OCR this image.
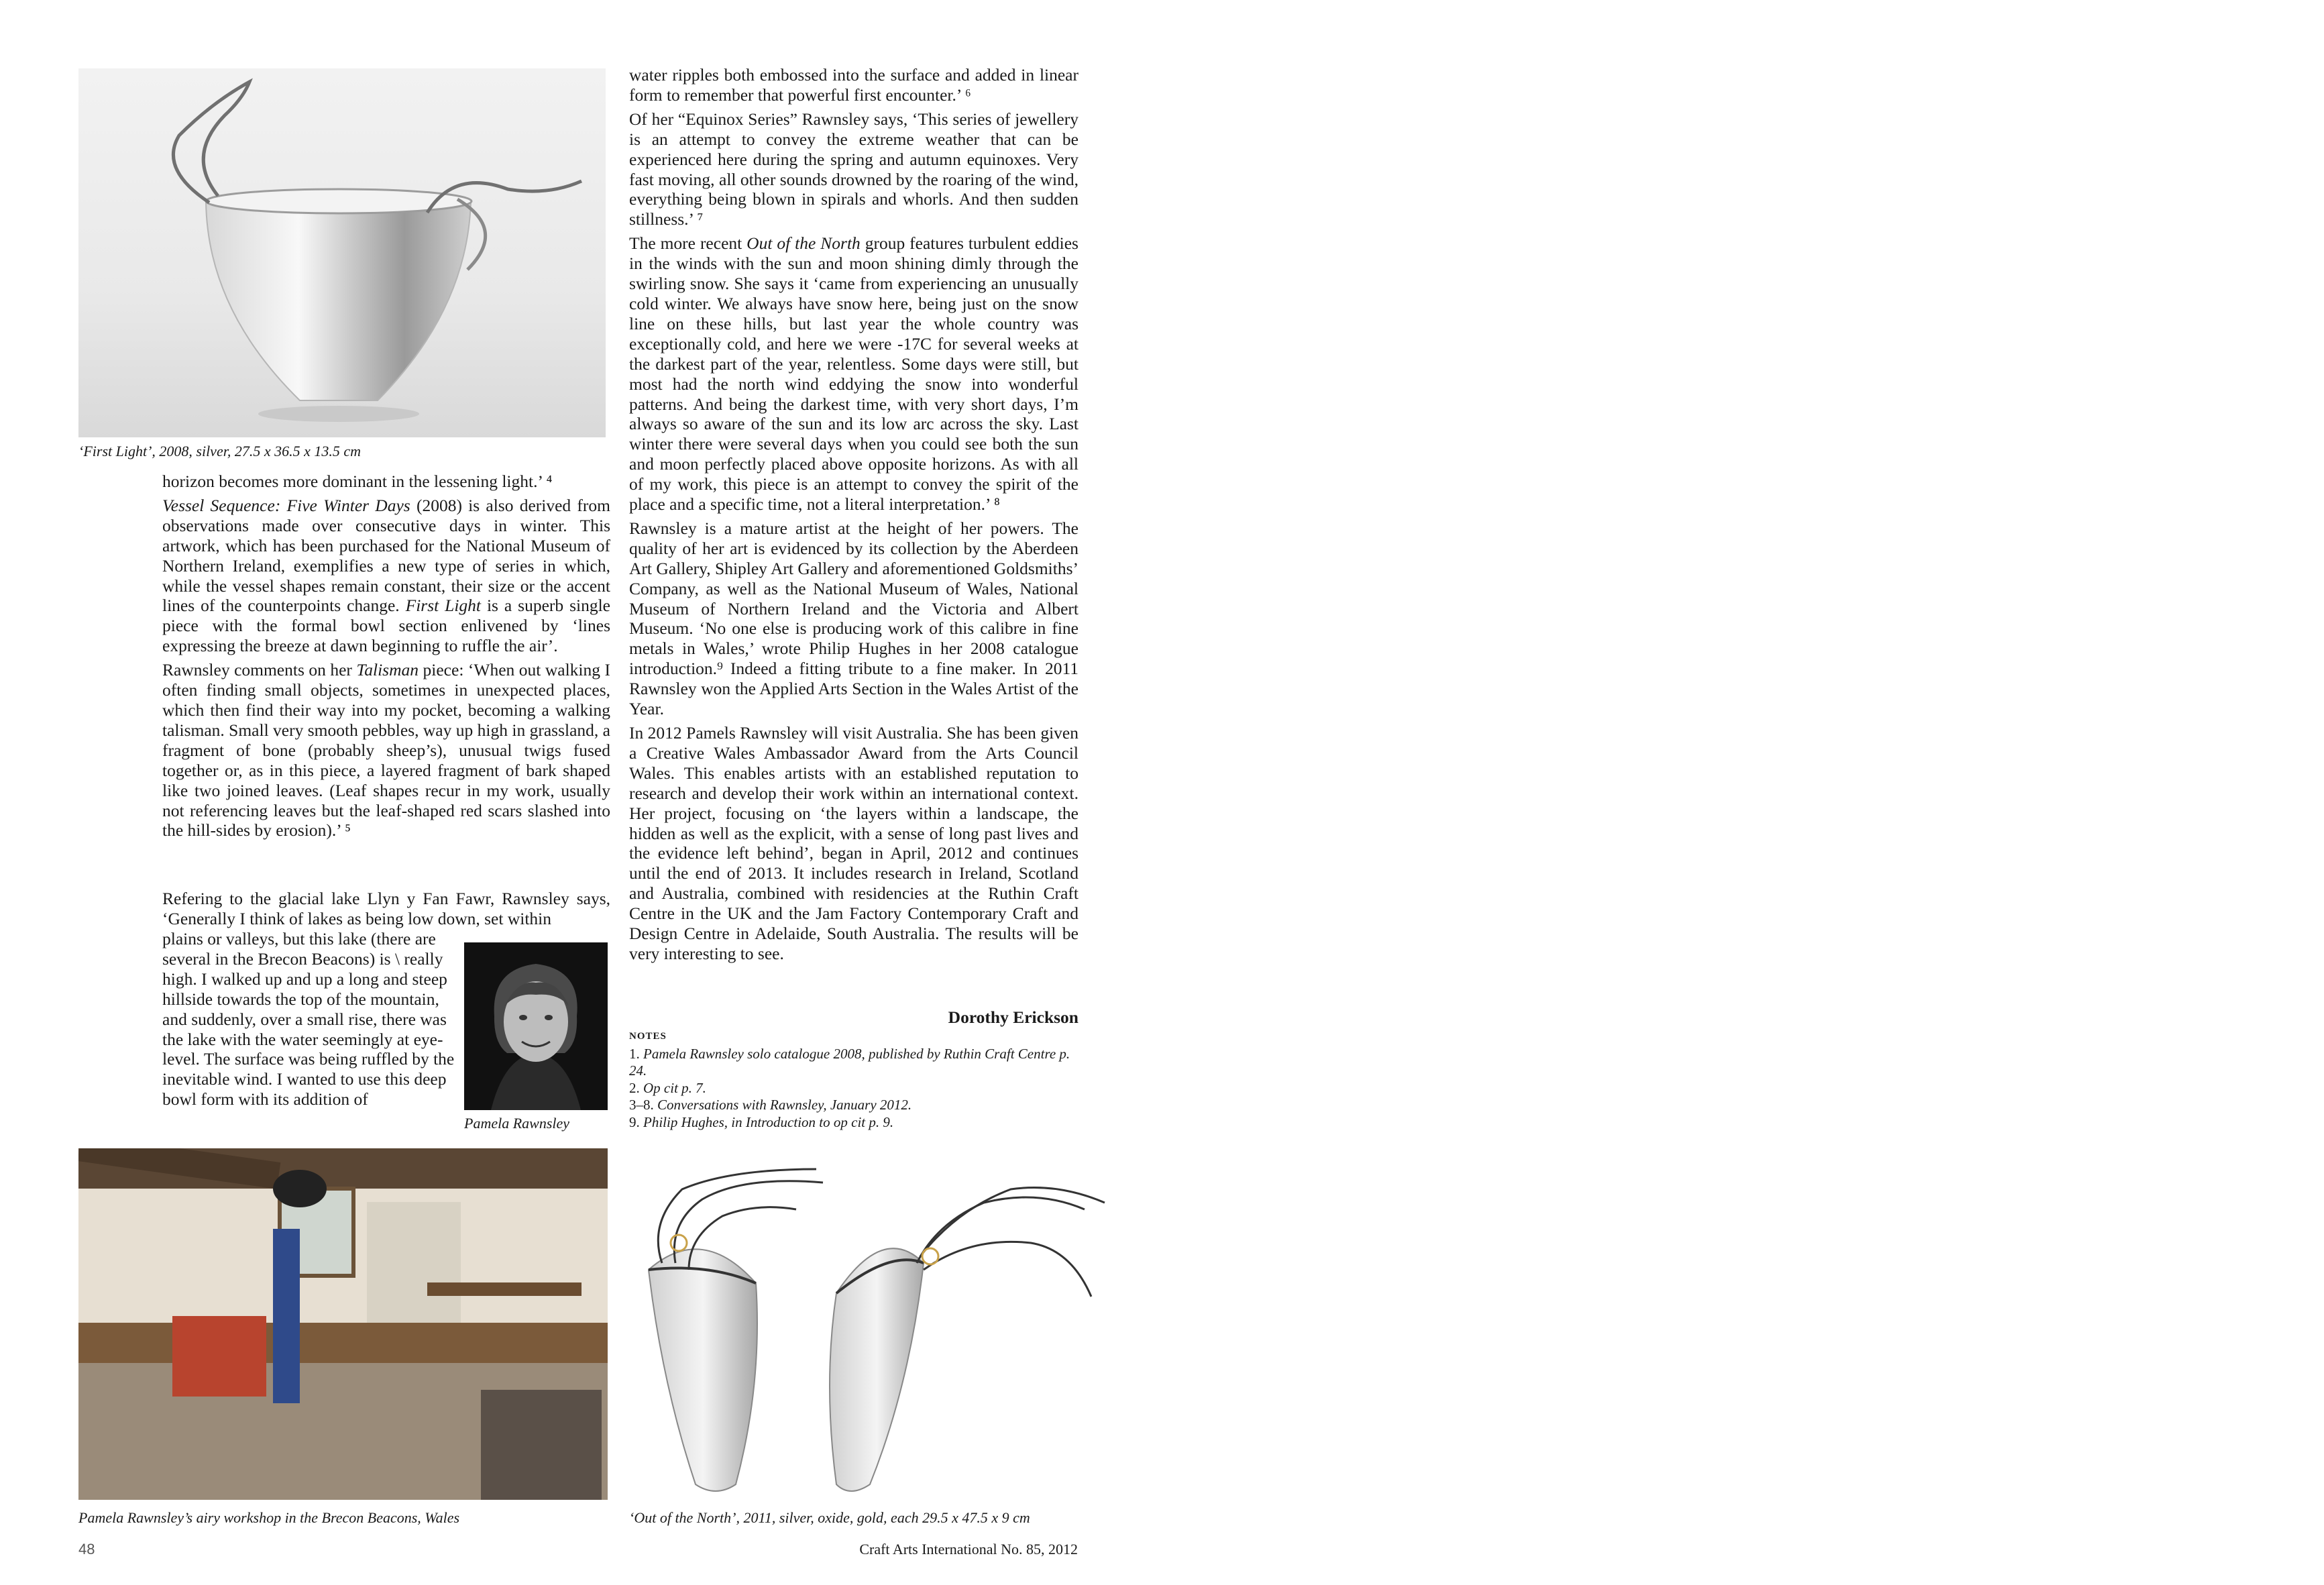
‘First Light’, 2008, silver, 27.5 x 36.5 x 13.5 cm

horizon becomes more dominant in the lessening light.’ ⁴

Vessel Sequence: Five Winter Days (2008) is also derived from observations made over consecutive days in winter. This artwork, which has been purchased for the National Museum of Northern Ireland, exemplifies a new type of series in which, while the vessel shapes remain constant, their size or the accent lines of the counterpoints change. First Light is a superb single piece with the formal bowl section enlivened by ‘lines expressing the breeze at dawn beginning to ruffle the air’.

Rawnsley comments on her Talisman piece: ‘When out walking I often finding small objects, sometimes in unexpected places, which then find their way into my pocket, becoming a walking talisman. Small very smooth pebbles, way up high in grassland, a fragment of bone (probably sheep’s), unusual twigs fused together or, as in this piece, a layered fragment of bark shaped like two joined leaves. (Leaf shapes recur in my work, usually not referencing leaves but the leaf-shaped red scars slashed into the hill-sides by erosion).’ ⁵

Refering to the glacial lake Llyn y Fan Fawr, Rawnsley says, ‘Generally I think of lakes as being low down, set within
plains or valleys, but this lake (there are several in the Brecon Beacons) is \ really high. I walked up and up a long and steep hillside towards the top of the mountain, and suddenly, over a small rise, there was the lake with the water seemingly at eye-level. The surface was being ruffled by the inevitable wind. I wanted to use this deep bowl form with its addition of
Pamela Rawnsley

water ripples both embossed into the surface and added in linear form to remember that powerful first encounter.’ ⁶

Of her “Equinox Series” Rawnsley says, ‘This series of jewellery is an attempt to convey the extreme weather that can be experienced here during the spring and autumn equinoxes. Very fast moving, all other sounds drowned by the roaring of the wind, everything being blown in spirals and whorls. And then sudden stillness.’ ⁷

The more recent Out of the North group features turbulent eddies in the winds with the sun and moon shining dimly through the swirling snow. She says it ‘came from experiencing an unusually cold winter. We always have snow here, being just on the snow line on these hills, but last year the whole country was exceptionally cold, and here we were -17C for several weeks at the darkest part of the year, relentless. Some days were still, but most had the north wind eddying the snow into wonderful patterns. And being the darkest time, with very short days, I’m always so aware of the sun and its low arc across the sky. Last winter there were several days when you could see both the sun and moon perfectly placed above opposite horizons. As with all of my work, this piece is an attempt to convey the spirit of the place and a specific time, not a literal interpretation.’ ⁸

Rawnsley is a mature artist at the height of her powers. The quality of her art is evidenced by its collection by the Aberdeen Art Gallery, Shipley Art Gallery and aforementioned Goldsmiths’ Company, as well as the National Museum of Wales, National Museum of Northern Ireland and the Victoria and Albert Museum. ‘No one else is producing work of this calibre in fine metals in Wales,’ wrote Philip Hughes in her 2008 catalogue introduction.⁹ Indeed a fitting tribute to a fine maker. In 2011 Rawnsley won the Applied Arts Section in the Wales Artist of the Year.

In 2012 Pamels Rawnsley will visit Australia. She has been given a Creative Wales Ambassador Award from the Arts Council Wales. This enables artists with an established reputation to research and develop their work within an international context. Her project, focusing on ‘the layers within a landscape, the hidden as well as the explicit, with a sense of long past lives and the evidence left behind’, began in April, 2012 and continues until the end of 2013. It includes research in Ireland, Scotland and Australia, combined with residencies at the Ruthin Craft Centre in the UK and the Jam Factory Contemporary Craft and Design Centre in Adelaide, South Australia. The results will be very interesting to see.

Dorothy Erickson
NOTES
1. Pamela Rawnsley solo catalogue 2008, published by Ruthin Craft Centre p. 24.
2. Op cit p. 7.
3–8. Conversations with Rawnsley, January 2012.
9. Philip Hughes, in Introduction to op cit p. 9.
Pamela Rawnsley’s airy workshop in the Brecon Beacons, Wales	‘Out of the North’, 2011, silver, oxide, gold, each 29.5 x 47.5 x 9 cm
48	Craft Arts International No. 85, 2012
